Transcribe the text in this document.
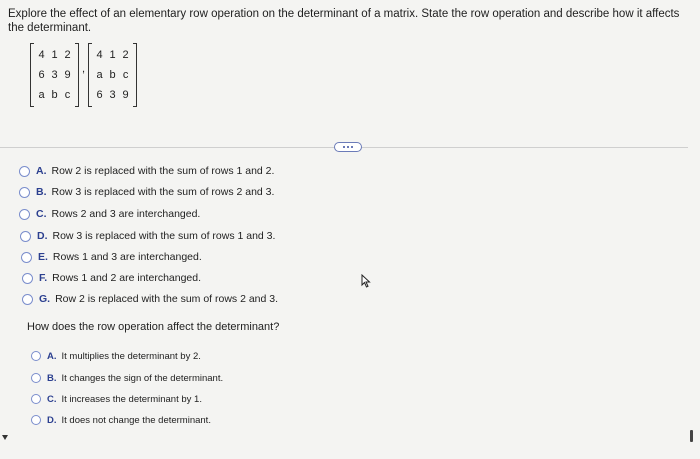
Explore the effect of an elementary row operation on the determinant of a matrix. State the row operation and describe how it affects the determinant.
4 1 2
6 3 9
a b c
,
4 1 2
a b c
6 3 9
A. Row 2 is replaced with the sum of rows 1 and 2.
B. Row 3 is replaced with the sum of rows 2 and 3.
C. Rows 2 and 3 are interchanged.
D. Row 3 is replaced with the sum of rows 1 and 3.
E. Rows 1 and 3 are interchanged.
F. Rows 1 and 2 are interchanged.
G. Row 2 is replaced with the sum of rows 2 and 3.
How does the row operation affect the determinant?
A. It multiplies the determinant by 2.
B. It changes the sign of the determinant.
C. It increases the determinant by 1.
D. It does not change the determinant.
